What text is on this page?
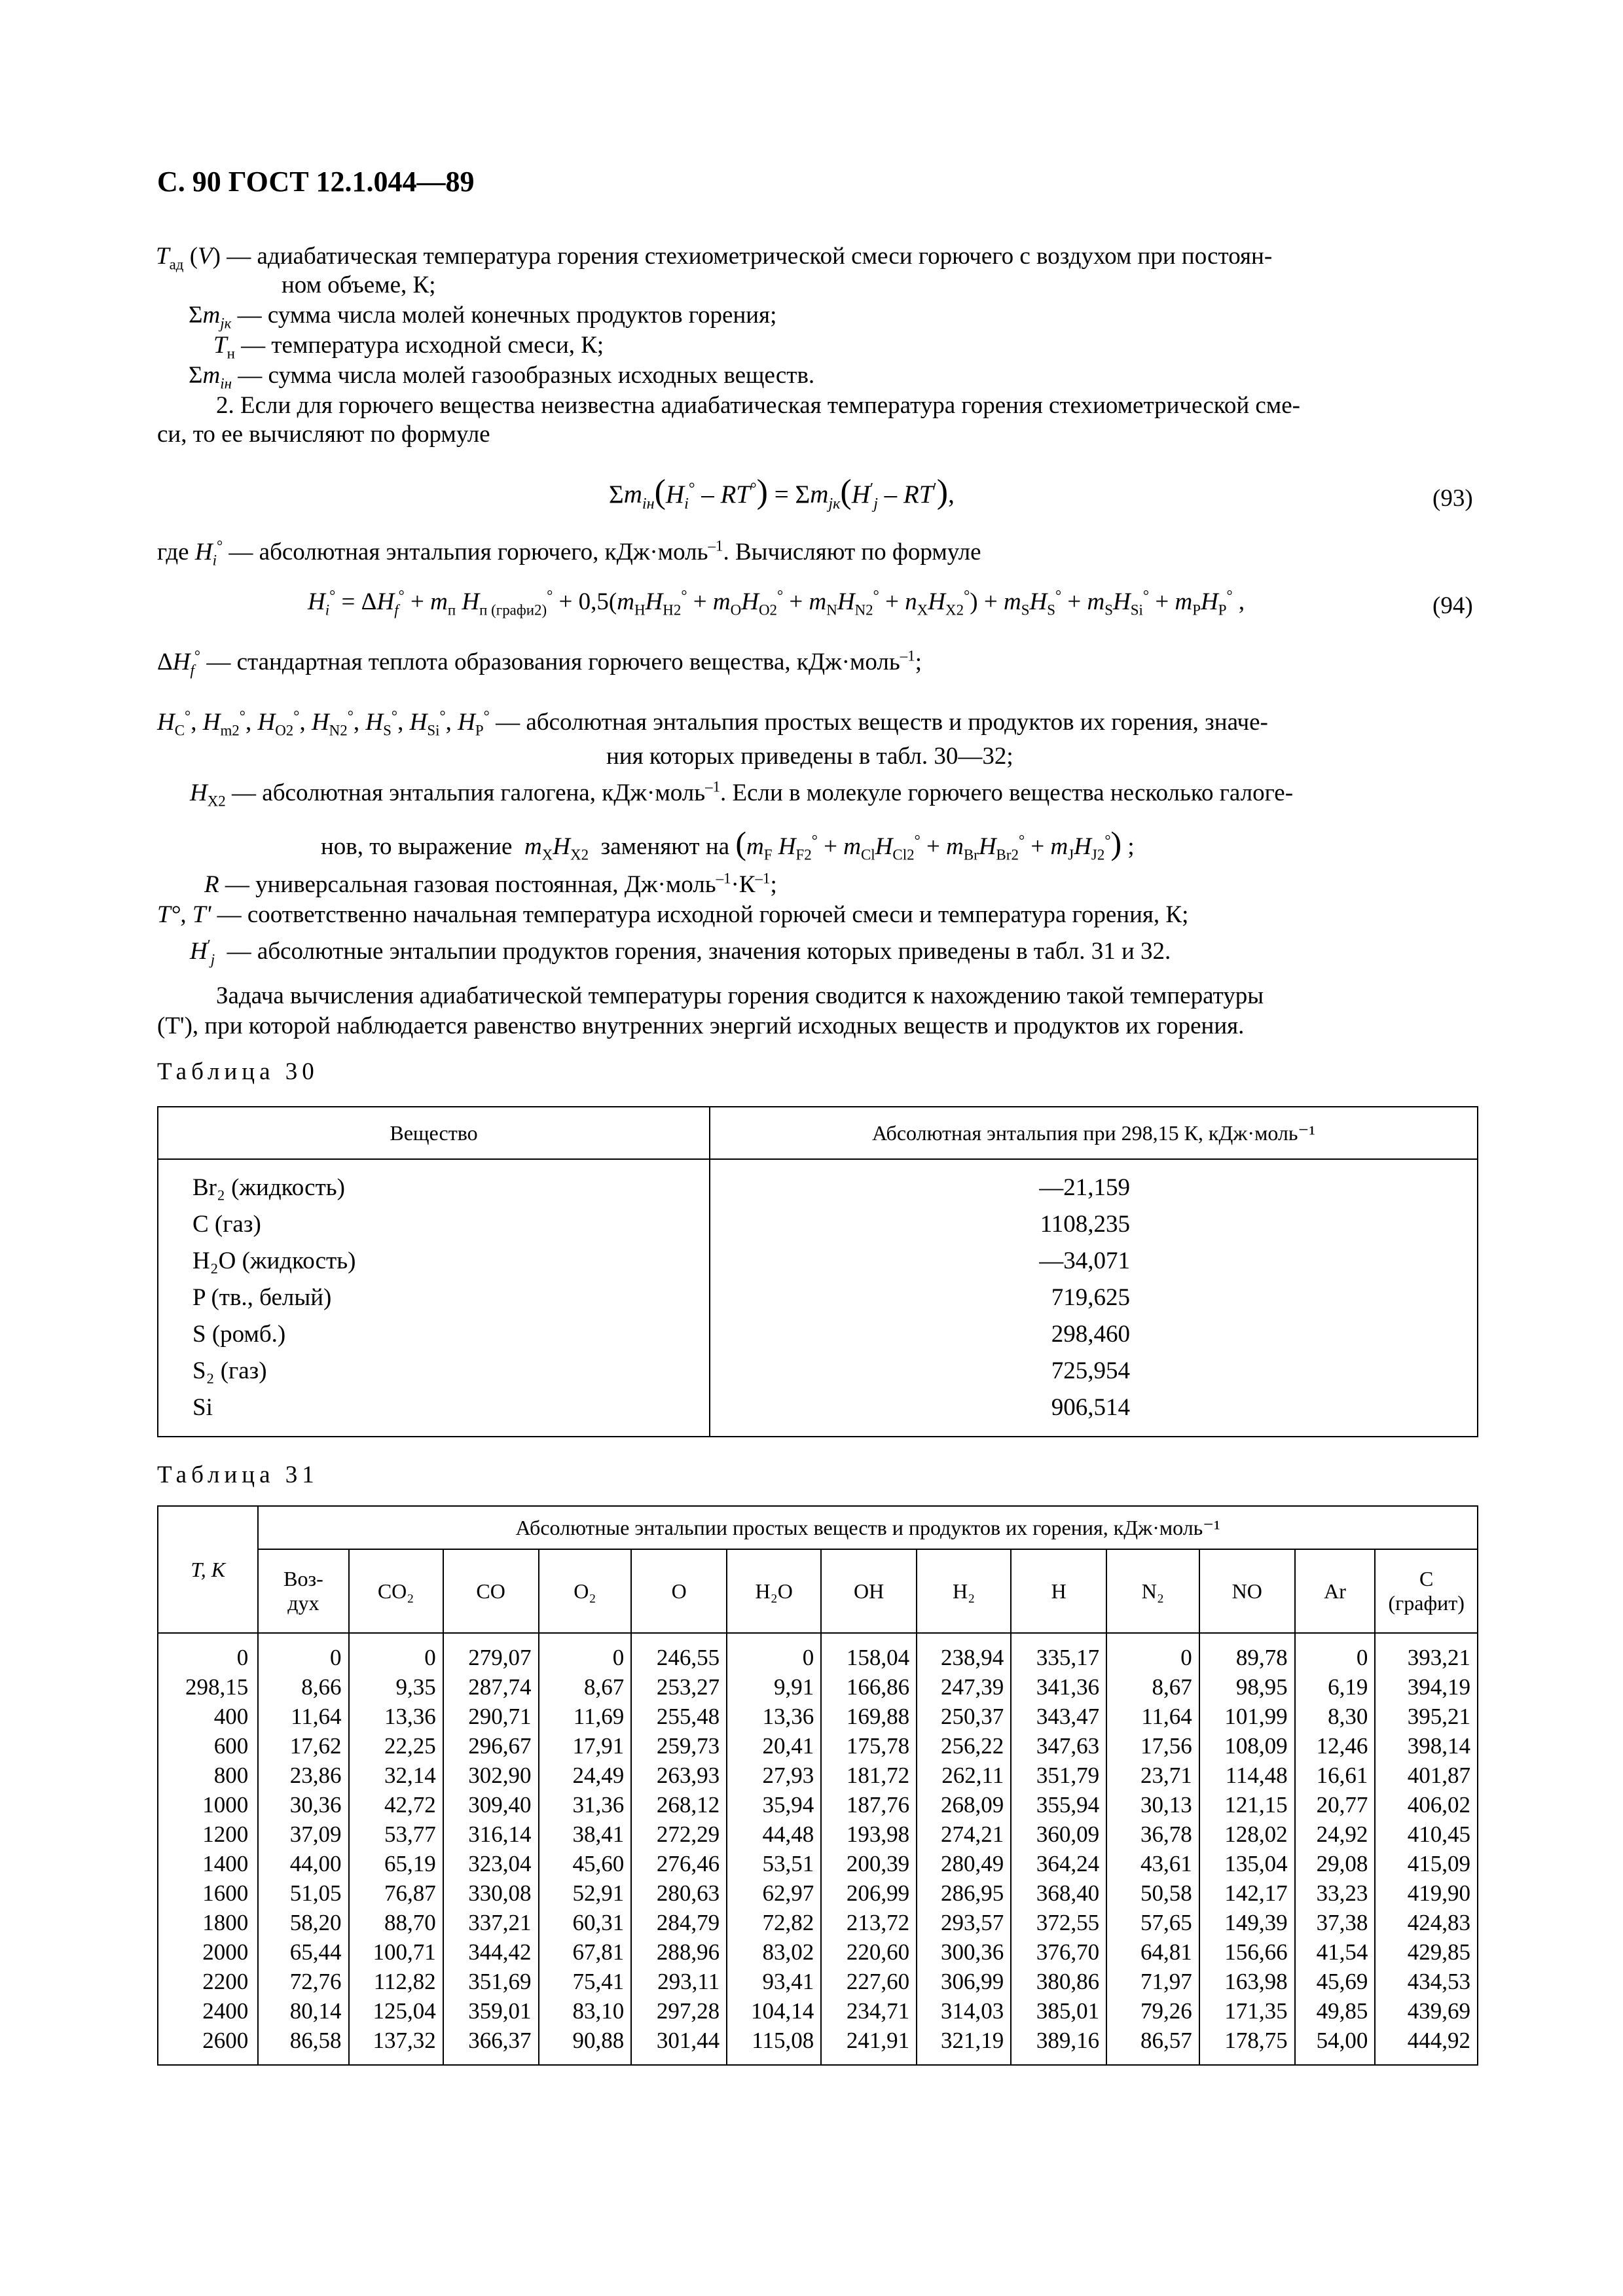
С. 90 ГОСТ 12.1.044—89
$T_{ад}$ (V) — адиабатическая температура горения стехиометрической смеси горючего с воздухом при постоян-
ном объеме, К;
$\Sigma m_{jк}$ — сумма числа молей конечных продуктов горения;
$T_н$ — температура исходной смеси, К;
$\Sigma m_{iн}$ — сумма числа молей газообразных исходных веществ.
2. Если для горючего вещества неизвестна адиабатическая температура горения стехиометрической сме-
си, то ее вычисляют по формуле
$\Sigma m_{iн}(H_i^\circ - RT^\circ) = \Sigma m_{jк}(H'_j - RT')$,	(93)
где $H_i^\circ$ — абсолютная энтальпия горючего, кДж·моль$^{-1}$. Вычисляют по формуле
$H_i^\circ = \Delta H_f^\circ + m_п$ $H_{п (графи2)}^\circ + 0,5(m_HH_{H2}^\circ + m_OH_{O2}^\circ + m_NH_{N2}^\circ + n_XH_{X2}^\circ) + m_SH_S^\circ + m_SH_{Si}^\circ + m_PH_P^\circ$ ,	(94)
$\Delta H_f^\circ$ — стандартная теплота образования горючего вещества, кДж·моль$^{-1}$;
$H_C^\circ$, $H_{m2}^\circ$, $H_{O2}^\circ$, $H_{N2}^\circ$, $H_S^\circ$, $H_{Si}^\circ$, $H_P^\circ$ — абсолютная энтальпия простых веществ и продуктов их горения, значе-
ния которых приведены в табл. 30—32;
$H_{X2}$ — абсолютная энтальпия галогена, кДж·моль$^{-1}$. Если в молекуле горючего вещества несколько галоге-
нов, то выражение $m_XH_{X2}$ заменяют на ($m_F$ $H_{F2}^\circ + m_{Cl}H_{Cl2}^\circ + m_{Br}H_{Br2}^\circ + m_JH_{J2}^\circ$) ;
R — универсальная газовая постоянная, $Дж\cdot моль^{-1}\cdot К^{-1}$;
T°, T' — соответственно начальная температура исходной горючей смеси и температура горения, К;
$H'_j$ — абсолютные энтальпии продуктов горения, значения которых приведены в табл. 31 и 32.
Задача вычисления адиабатической температуры горения сводится к нахождению такой температуры
(T'), при которой наблюдается равенство внутренних энергий исходных веществ и продуктов их горения.
Таблица 30
Вещество	Абсолютная энтальпия при 298,15 К, кДж·моль⁻¹
Br₂ (жидкость)	—21,159
С (газ)	1108,235
H₂O (жидкость)	—34,071
P (тв., белый)	719,625
S (ромб.)	298,460
S₂ (газ)	725,954
Si	906,514
Таблица 31
T, К	Абсолютные энтальпии простых веществ и продуктов их горения, кДж·моль⁻¹												
	Воз-
дух	CO₂	CO	O₂	O	H₂O	OH	H₂	H	N₂	NO	Ar	C
(графит)
0	0	0	279,07	0	246,55	0	158,04	238,94	335,17	0	89,78	0	393,21
298,15	8,66	9,35	287,74	8,67	253,27	9,91	166,86	247,39	341,36	8,67	98,95	6,19	394,19
400	11,64	13,36	290,71	11,69	255,48	13,36	169,88	250,37	343,47	11,64	101,99	8,30	395,21
600	17,62	22,25	296,67	17,91	259,73	20,41	175,78	256,22	347,63	17,56	108,09	12,46	398,14
800	23,86	32,14	302,90	24,49	263,93	27,93	181,72	262,11	351,79	23,71	114,48	16,61	401,87
1000	30,36	42,72	309,40	31,36	268,12	35,94	187,76	268,09	355,94	30,13	121,15	20,77	406,02
1200	37,09	53,77	316,14	38,41	272,29	44,48	193,98	274,21	360,09	36,78	128,02	24,92	410,45
1400	44,00	65,19	323,04	45,60	276,46	53,51	200,39	280,49	364,24	43,61	135,04	29,08	415,09
1600	51,05	76,87	330,08	52,91	280,63	62,97	206,99	286,95	368,40	50,58	142,17	33,23	419,90
1800	58,20	88,70	337,21	60,31	284,79	72,82	213,72	293,57	372,55	57,65	149,39	37,38	424,83
2000	65,44	100,71	344,42	67,81	288,96	83,02	220,60	300,36	376,70	64,81	156,66	41,54	429,85
2200	72,76	112,82	351,69	75,41	293,11	93,41	227,60	306,99	380,86	71,97	163,98	45,69	434,53
2400	80,14	125,04	359,01	83,10	297,28	104,14	234,71	314,03	385,01	79,26	171,35	49,85	439,69
2600	86,58	137,32	366,37	90,88	301,44	115,08	241,91	321,19	389,16	86,57	178,75	54,00	444,92
